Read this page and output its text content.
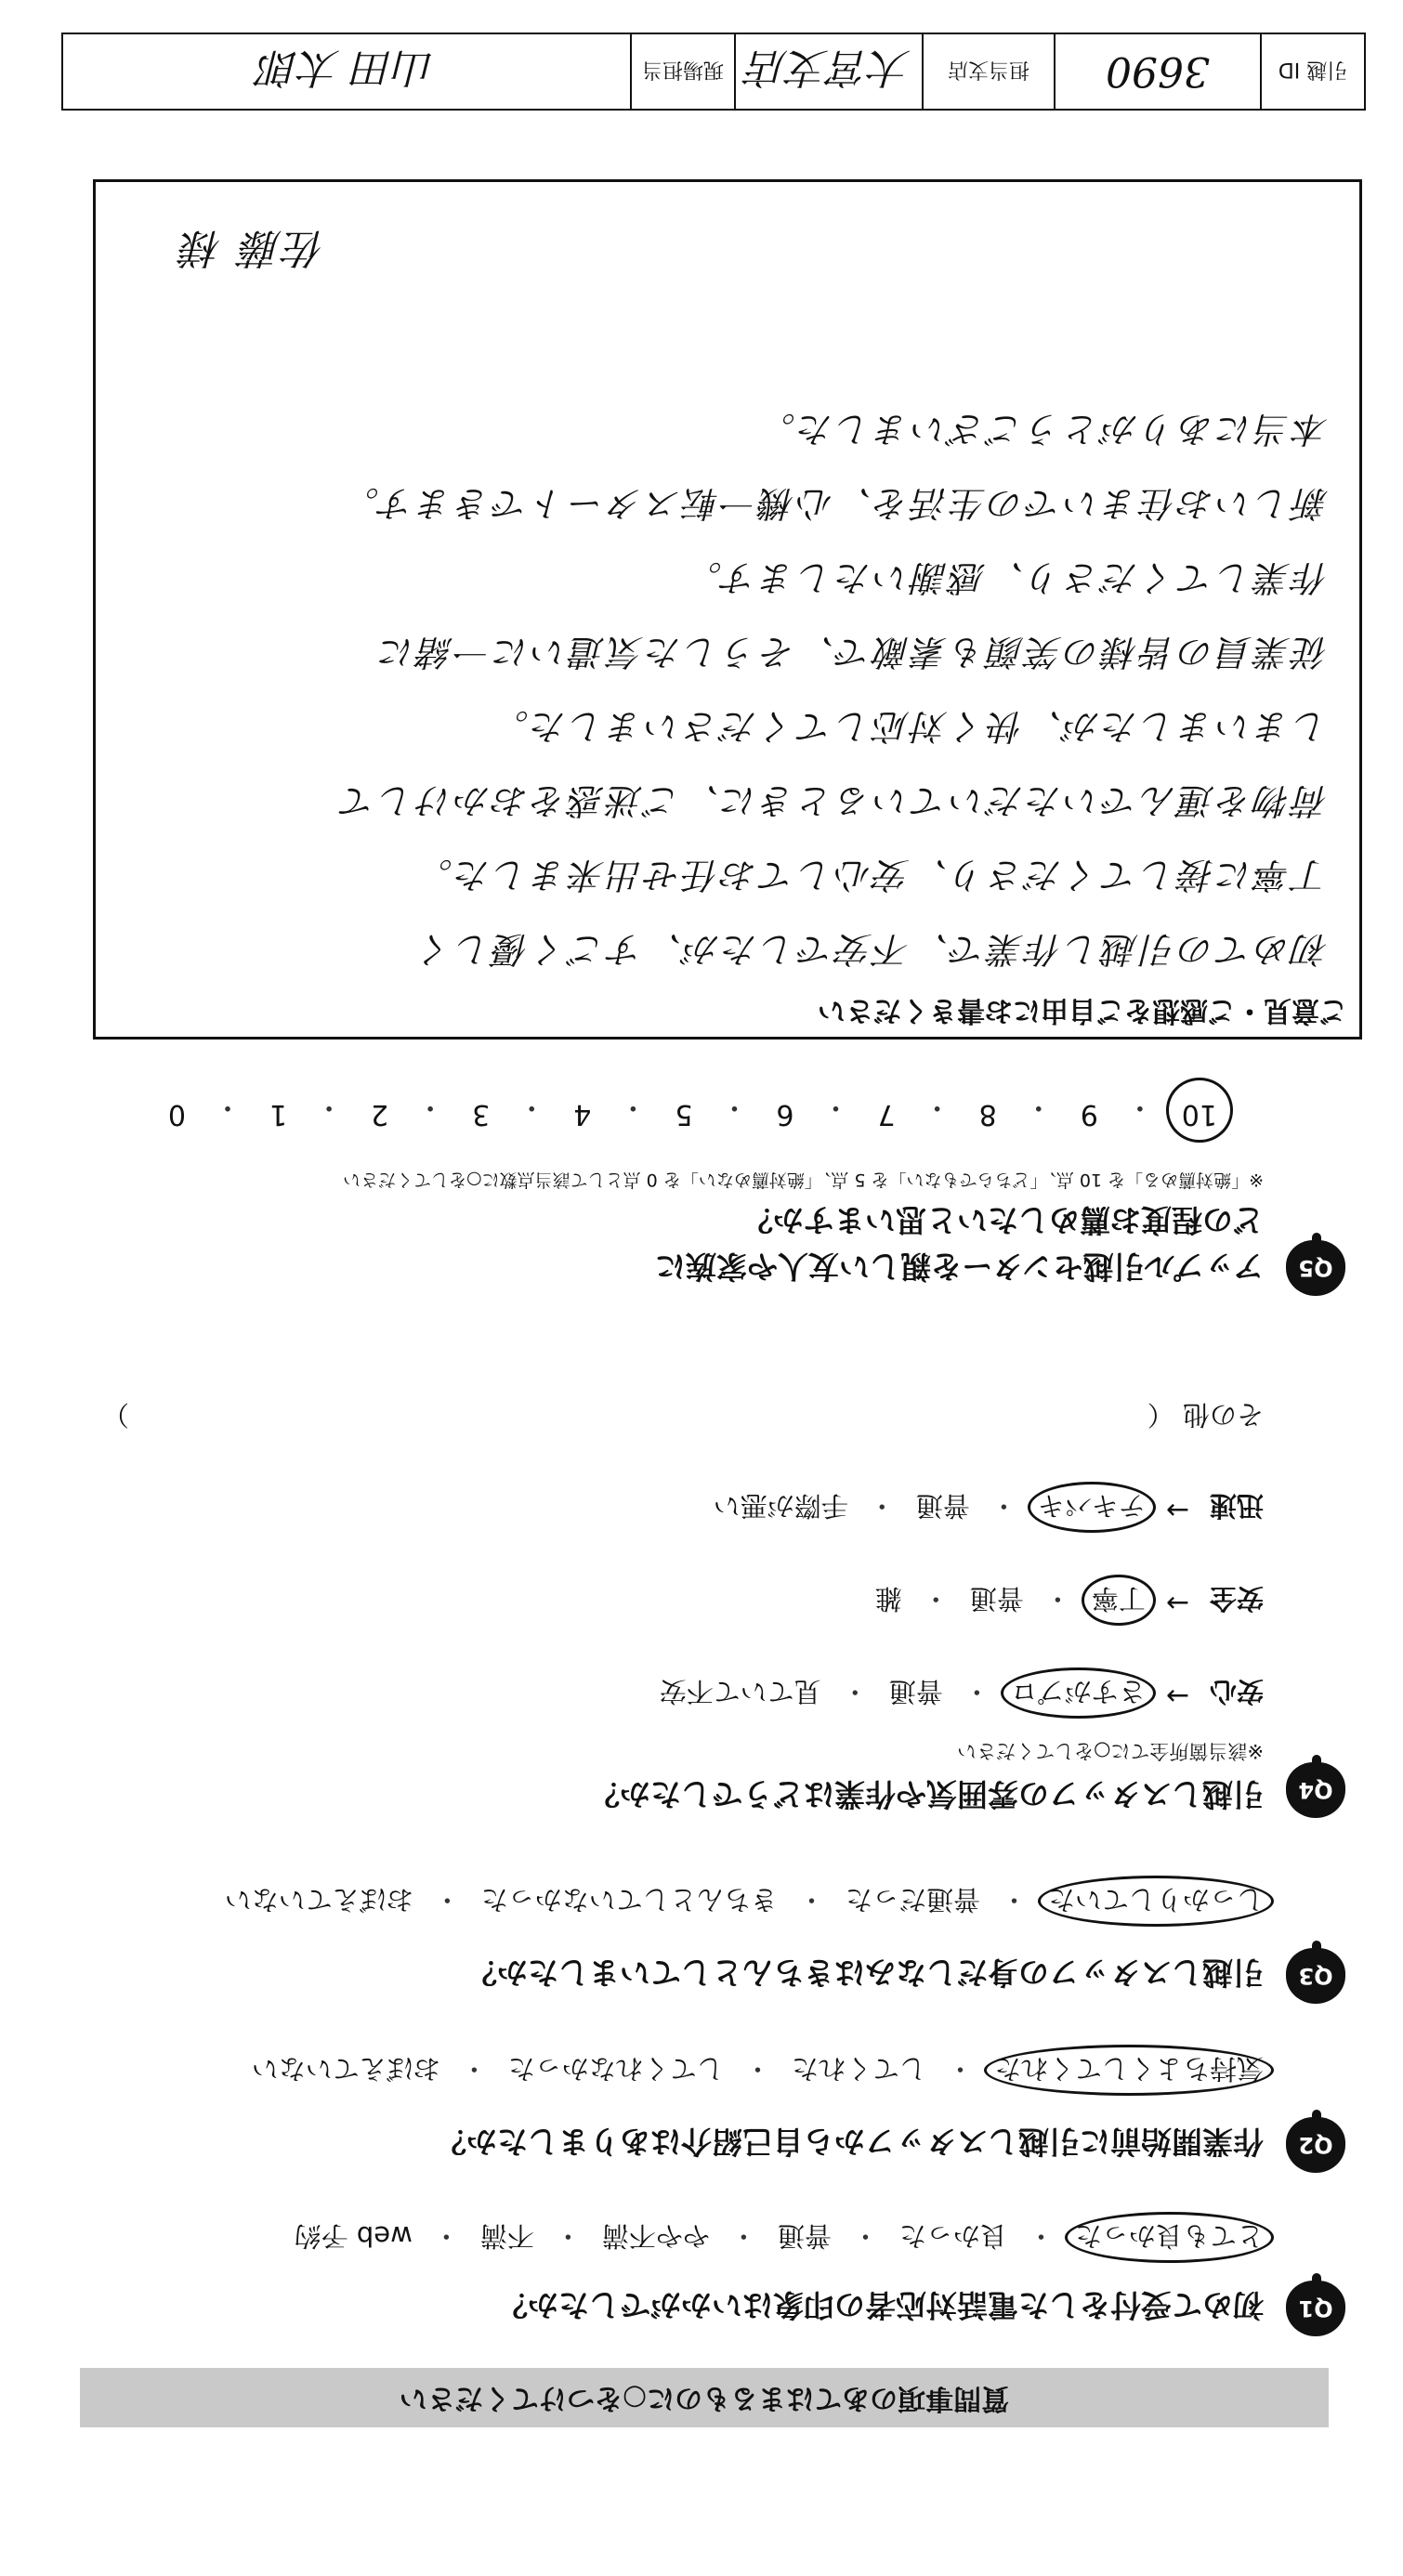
質問事項のあてはまるものに○をつけてください
Q1
初めて受付をした電話対応者の印象はいかがでしたか？
とても良かった
・
良かった
・
普通
・
やや不満
・
不満
・
web 予約
Q2
作業開始前に引越しスタッフから自己紹介はありましたか？
気持ちよくしてくれた
・
してくれた
・
してくれなかった
・
おぼえていない
Q3
引越しスタッフの身だしなみはきちんとしていましたか？
しっかりしていた
・
普通だった
・
きちんとしていなかった
・
おぼえていない
Q4
引越しスタッフの雰囲気や作業はどうでしたか？
※該当箇所全てに○をしてください
安心
→
さすがプロ
・
普通
・
見ていて不安
安全
→
丁寧
・
普通
・
雑
迅速
→
テキパキ
・
普通
・
手際が悪い
その他 （
）
Q5
アップル引越センターを親しい友人や家族に
どの程度お薦めしたいと思いますか？
※「絶対薦める」を 10 点、「どちらでもない」を 5 点、「絶対薦めない」を 0 点として該当点数に○をしてください
10
・
9
・
8
・
7
・
6
・
5
・
4
・
3
・
2
・
1
・
0
ご意見・ご感想をご自由にお書きください
初めての引越し作業で、不安でしたが、すごく優しく
丁寧に接してくださり、安心してお任せ出来ました。
荷物を運んでいただいているときに、ご迷惑をおかけして
しまいましたが、快く対応してくださいました。
従業員の皆様の笑顔も素敵で、そうした気遣いに一緒に
作業してくださり、感謝いたします。
新しいお住まいでの生活を、心機一転スタートできます。
本当にありがとうございました。
佐藤 様
引越 ID
3690
担当支店
大宮支店
現場担当
山田 太郎
